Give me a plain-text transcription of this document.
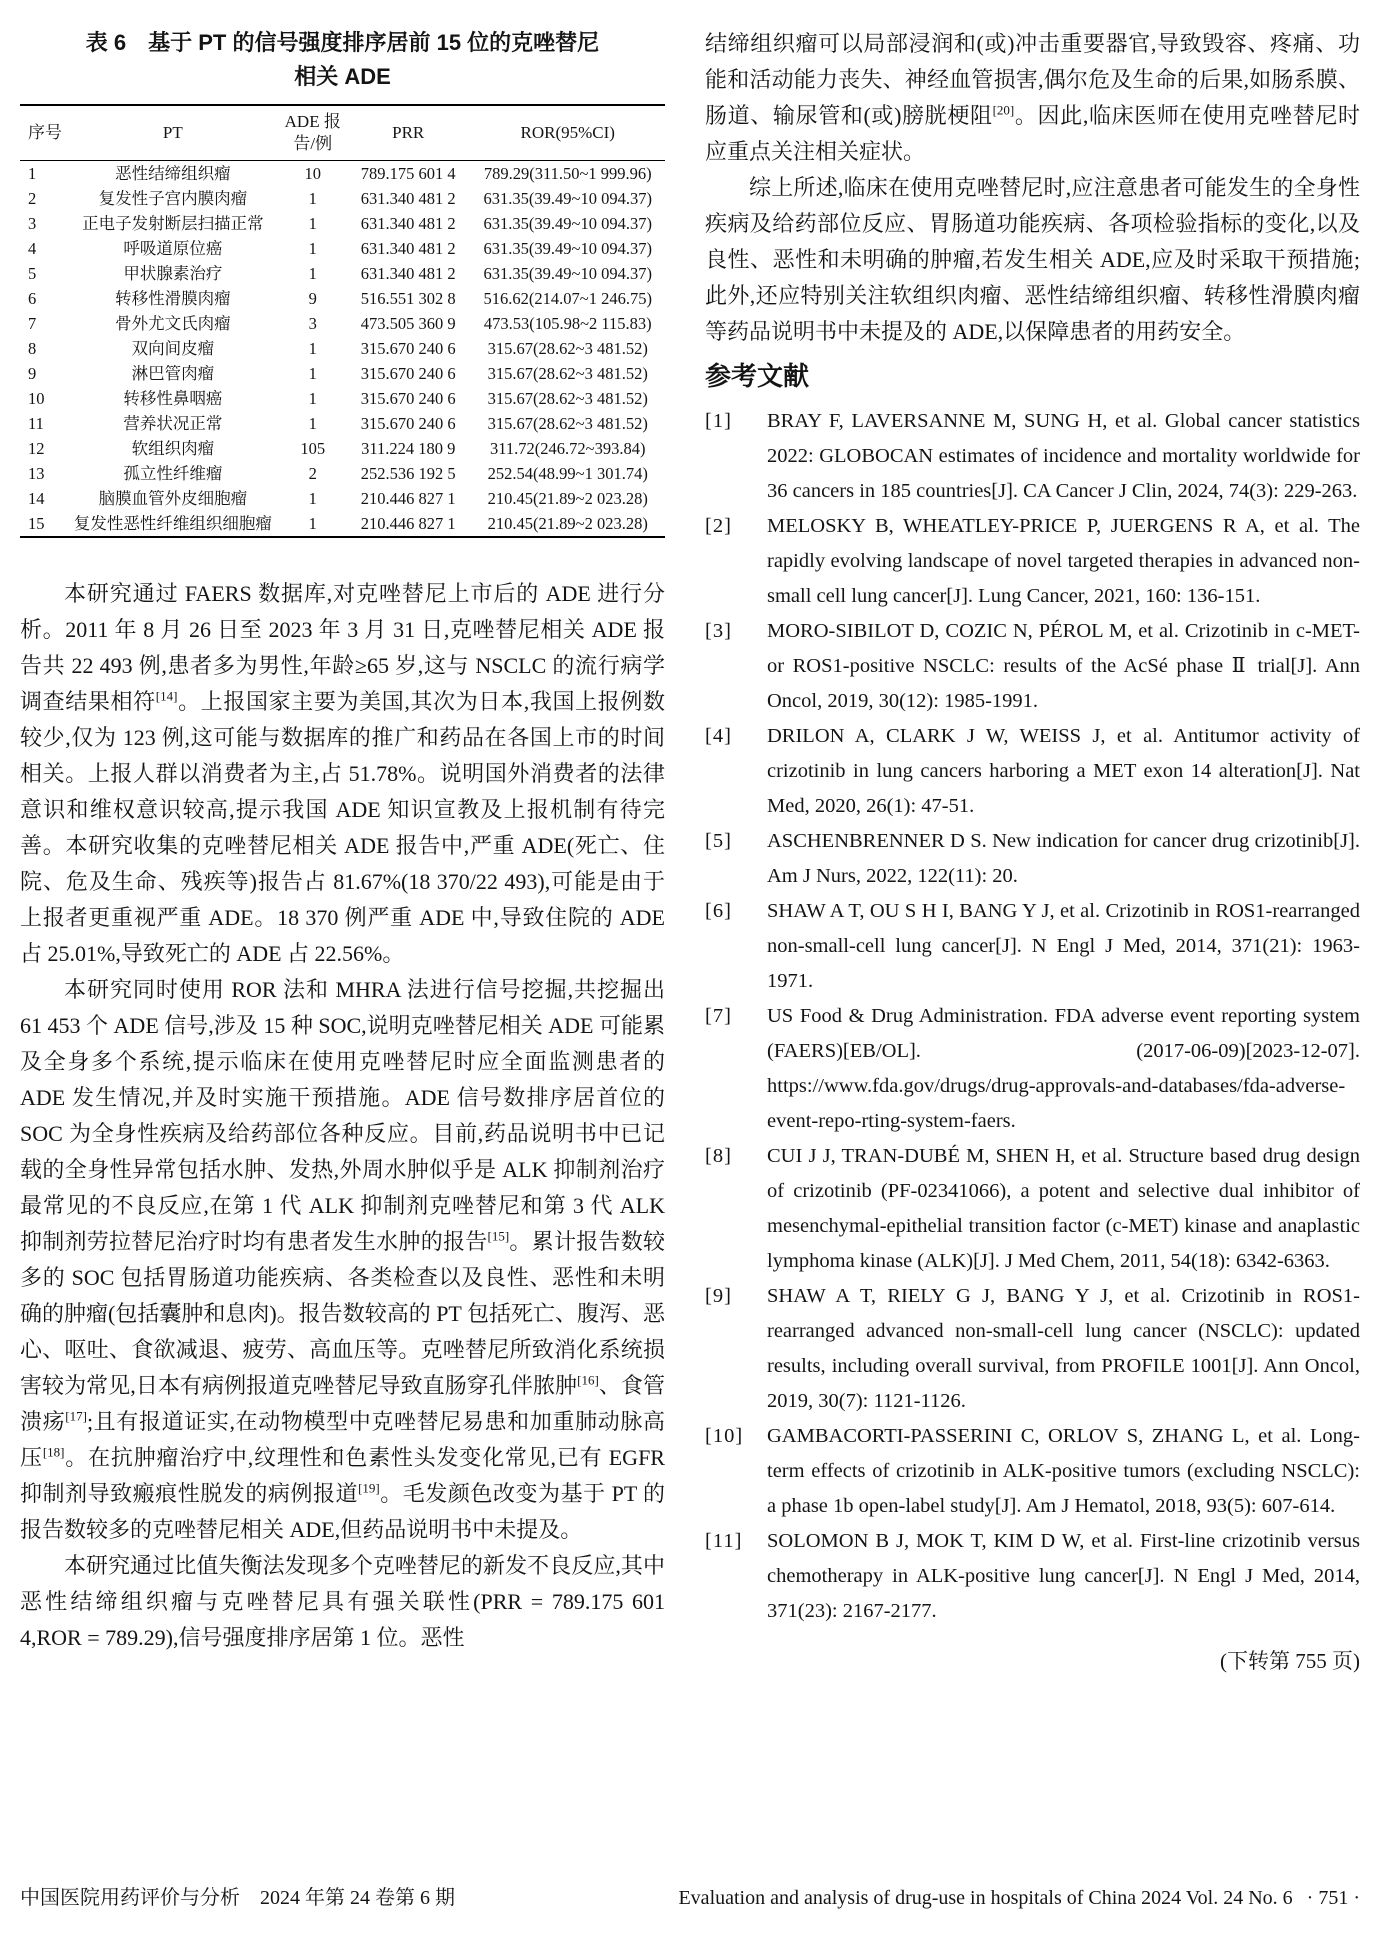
表 6　基于 PT 的信号强度排序居前 15 位的克唑替尼
相关 ADE
序号	PT	ADE 报告/例	PRR	ROR(95%CI)
1	恶性结缔组织瘤	10	789.175 601 4	789.29(311.50~1 999.96)
2	复发性子宫内膜肉瘤	1	631.340 481 2	631.35(39.49~10 094.37)
3	正电子发射断层扫描正常	1	631.340 481 2	631.35(39.49~10 094.37)
4	呼吸道原位癌	1	631.340 481 2	631.35(39.49~10 094.37)
5	甲状腺素治疗	1	631.340 481 2	631.35(39.49~10 094.37)
6	转移性滑膜肉瘤	9	516.551 302 8	516.62(214.07~1 246.75)
7	骨外尤文氏肉瘤	3	473.505 360 9	473.53(105.98~2 115.83)
8	双向间皮瘤	1	315.670 240 6	315.67(28.62~3 481.52)
9	淋巴管肉瘤	1	315.670 240 6	315.67(28.62~3 481.52)
10	转移性鼻咽癌	1	315.670 240 6	315.67(28.62~3 481.52)
11	营养状况正常	1	315.670 240 6	315.67(28.62~3 481.52)
12	软组织肉瘤	105	311.224 180 9	311.72(246.72~393.84)
13	孤立性纤维瘤	2	252.536 192 5	252.54(48.99~1 301.74)
14	脑膜血管外皮细胞瘤	1	210.446 827 1	210.45(21.89~2 023.28)
15	复发性恶性纤维组织细胞瘤	1	210.446 827 1	210.45(21.89~2 023.28)

本研究通过 FAERS 数据库,对克唑替尼上市后的 ADE 进行分析。2011 年 8 月 26 日至 2023 年 3 月 31 日,克唑替尼相关 ADE 报告共 22 493 例,患者多为男性,年龄≥65 岁,这与 NSCLC 的流行病学调查结果相符[14]。上报国家主要为美国,其次为日本,我国上报例数较少,仅为 123 例,这可能与数据库的推广和药品在各国上市的时间相关。上报人群以消费者为主,占 51.78%。说明国外消费者的法律意识和维权意识较高,提示我国 ADE 知识宣教及上报机制有待完善。本研究收集的克唑替尼相关 ADE 报告中,严重 ADE(死亡、住院、危及生命、残疾等)报告占 81.67%(18 370/22 493),可能是由于上报者更重视严重 ADE。18 370 例严重 ADE 中,导致住院的 ADE 占 25.01%,导致死亡的 ADE 占 22.56%。

本研究同时使用 ROR 法和 MHRA 法进行信号挖掘,共挖掘出 61 453 个 ADE 信号,涉及 15 种 SOC,说明克唑替尼相关 ADE 可能累及全身多个系统,提示临床在使用克唑替尼时应全面监测患者的 ADE 发生情况,并及时实施干预措施。ADE 信号数排序居首位的 SOC 为全身性疾病及给药部位各种反应。目前,药品说明书中已记载的全身性异常包括水肿、发热,外周水肿似乎是 ALK 抑制剂治疗最常见的不良反应,在第 1 代 ALK 抑制剂克唑替尼和第 3 代 ALK 抑制剂劳拉替尼治疗时均有患者发生水肿的报告[15]。累计报告数较多的 SOC 包括胃肠道功能疾病、各类检查以及良性、恶性和未明确的肿瘤(包括囊肿和息肉)。报告数较高的 PT 包括死亡、腹泻、恶心、呕吐、食欲减退、疲劳、高血压等。克唑替尼所致消化系统损害较为常见,日本有病例报道克唑替尼导致直肠穿孔伴脓肿[16]、食管溃疡[17];且有报道证实,在动物模型中克唑替尼易患和加重肺动脉高压[18]。在抗肿瘤治疗中,纹理性和色素性头发变化常见,已有 EGFR 抑制剂导致瘢痕性脱发的病例报道[19]。毛发颜色改变为基于 PT 的报告数较多的克唑替尼相关 ADE,但药品说明书中未提及。

本研究通过比值失衡法发现多个克唑替尼的新发不良反应,其中恶性结缔组织瘤与克唑替尼具有强关联性(PRR = 789.175 601 4,ROR = 789.29),信号强度排序居第 1 位。恶性

结缔组织瘤可以局部浸润和(或)冲击重要器官,导致毁容、疼痛、功能和活动能力丧失、神经血管损害,偶尔危及生命的后果,如肠系膜、肠道、输尿管和(或)膀胱梗阻[20]。因此,临床医师在使用克唑替尼时应重点关注相关症状。

综上所述,临床在使用克唑替尼时,应注意患者可能发生的全身性疾病及给药部位反应、胃肠道功能疾病、各项检验指标的变化,以及良性、恶性和未明确的肿瘤,若发生相关 ADE,应及时采取干预措施;此外,还应特别关注软组织肉瘤、恶性结缔组织瘤、转移性滑膜肉瘤等药品说明书中未提及的 ADE,以保障患者的用药安全。

参考文献
[1]	BRAY F, LAVERSANNE M, SUNG H, et al. Global cancer statistics 2022: GLOBOCAN estimates of incidence and mortality worldwide for 36 cancers in 185 countries[J]. CA Cancer J Clin, 2024, 74(3): 229-263.
[2]	MELOSKY B, WHEATLEY-PRICE P, JUERGENS R A, et al. The rapidly evolving landscape of novel targeted therapies in advanced non-small cell lung cancer[J]. Lung Cancer, 2021, 160: 136-151.
[3]	MORO-SIBILOT D, COZIC N, PÉROL M, et al. Crizotinib in c-MET- or ROS1-positive NSCLC: results of the AcSé phase Ⅱ trial[J]. Ann Oncol, 2019, 30(12): 1985-1991.
[4]	DRILON A, CLARK J W, WEISS J, et al. Antitumor activity of crizotinib in lung cancers harboring a MET exon 14 alteration[J]. Nat Med, 2020, 26(1): 47-51.
[5]	ASCHENBRENNER D S. New indication for cancer drug crizotinib[J]. Am J Nurs, 2022, 122(11): 20.
[6]	SHAW A T, OU S H I, BANG Y J, et al. Crizotinib in ROS1-rearranged non-small-cell lung cancer[J]. N Engl J Med, 2014, 371(21): 1963-1971.
[7]	US Food & Drug Administration. FDA adverse event reporting system (FAERS)[EB/OL]. (2017-06-09)[2023-12-07]. https://www.fda.gov/drugs/drug-approvals-and-databases/fda-adverse-event-repo-rting-system-faers.
[8]	CUI J J, TRAN-DUBÉ M, SHEN H, et al. Structure based drug design of crizotinib (PF-02341066), a potent and selective dual inhibitor of mesenchymal-epithelial transition factor (c-MET) kinase and anaplastic lymphoma kinase (ALK)[J]. J Med Chem, 2011, 54(18): 6342-6363.
[9]	SHAW A T, RIELY G J, BANG Y J, et al. Crizotinib in ROS1-rearranged advanced non-small-cell lung cancer (NSCLC): updated results, including overall survival, from PROFILE 1001[J]. Ann Oncol, 2019, 30(7): 1121-1126.
[10]	GAMBACORTI-PASSERINI C, ORLOV S, ZHANG L, et al. Long-term effects of crizotinib in ALK-positive tumors (excluding NSCLC): a phase 1b open-label study[J]. Am J Hematol, 2018, 93(5): 607-614.
[11]	SOLOMON B J, MOK T, KIM D W, et al. First-line crizotinib versus chemotherapy in ALK-positive lung cancer[J]. N Engl J Med, 2014, 371(23): 2167-2177.
(下转第 755 页)
中国医院用药评价与分析　2024 年第 24 卷第 6 期	Evaluation and analysis of drug-use in hospitals of China 2024 Vol. 24 No. 6 · 751 ·
